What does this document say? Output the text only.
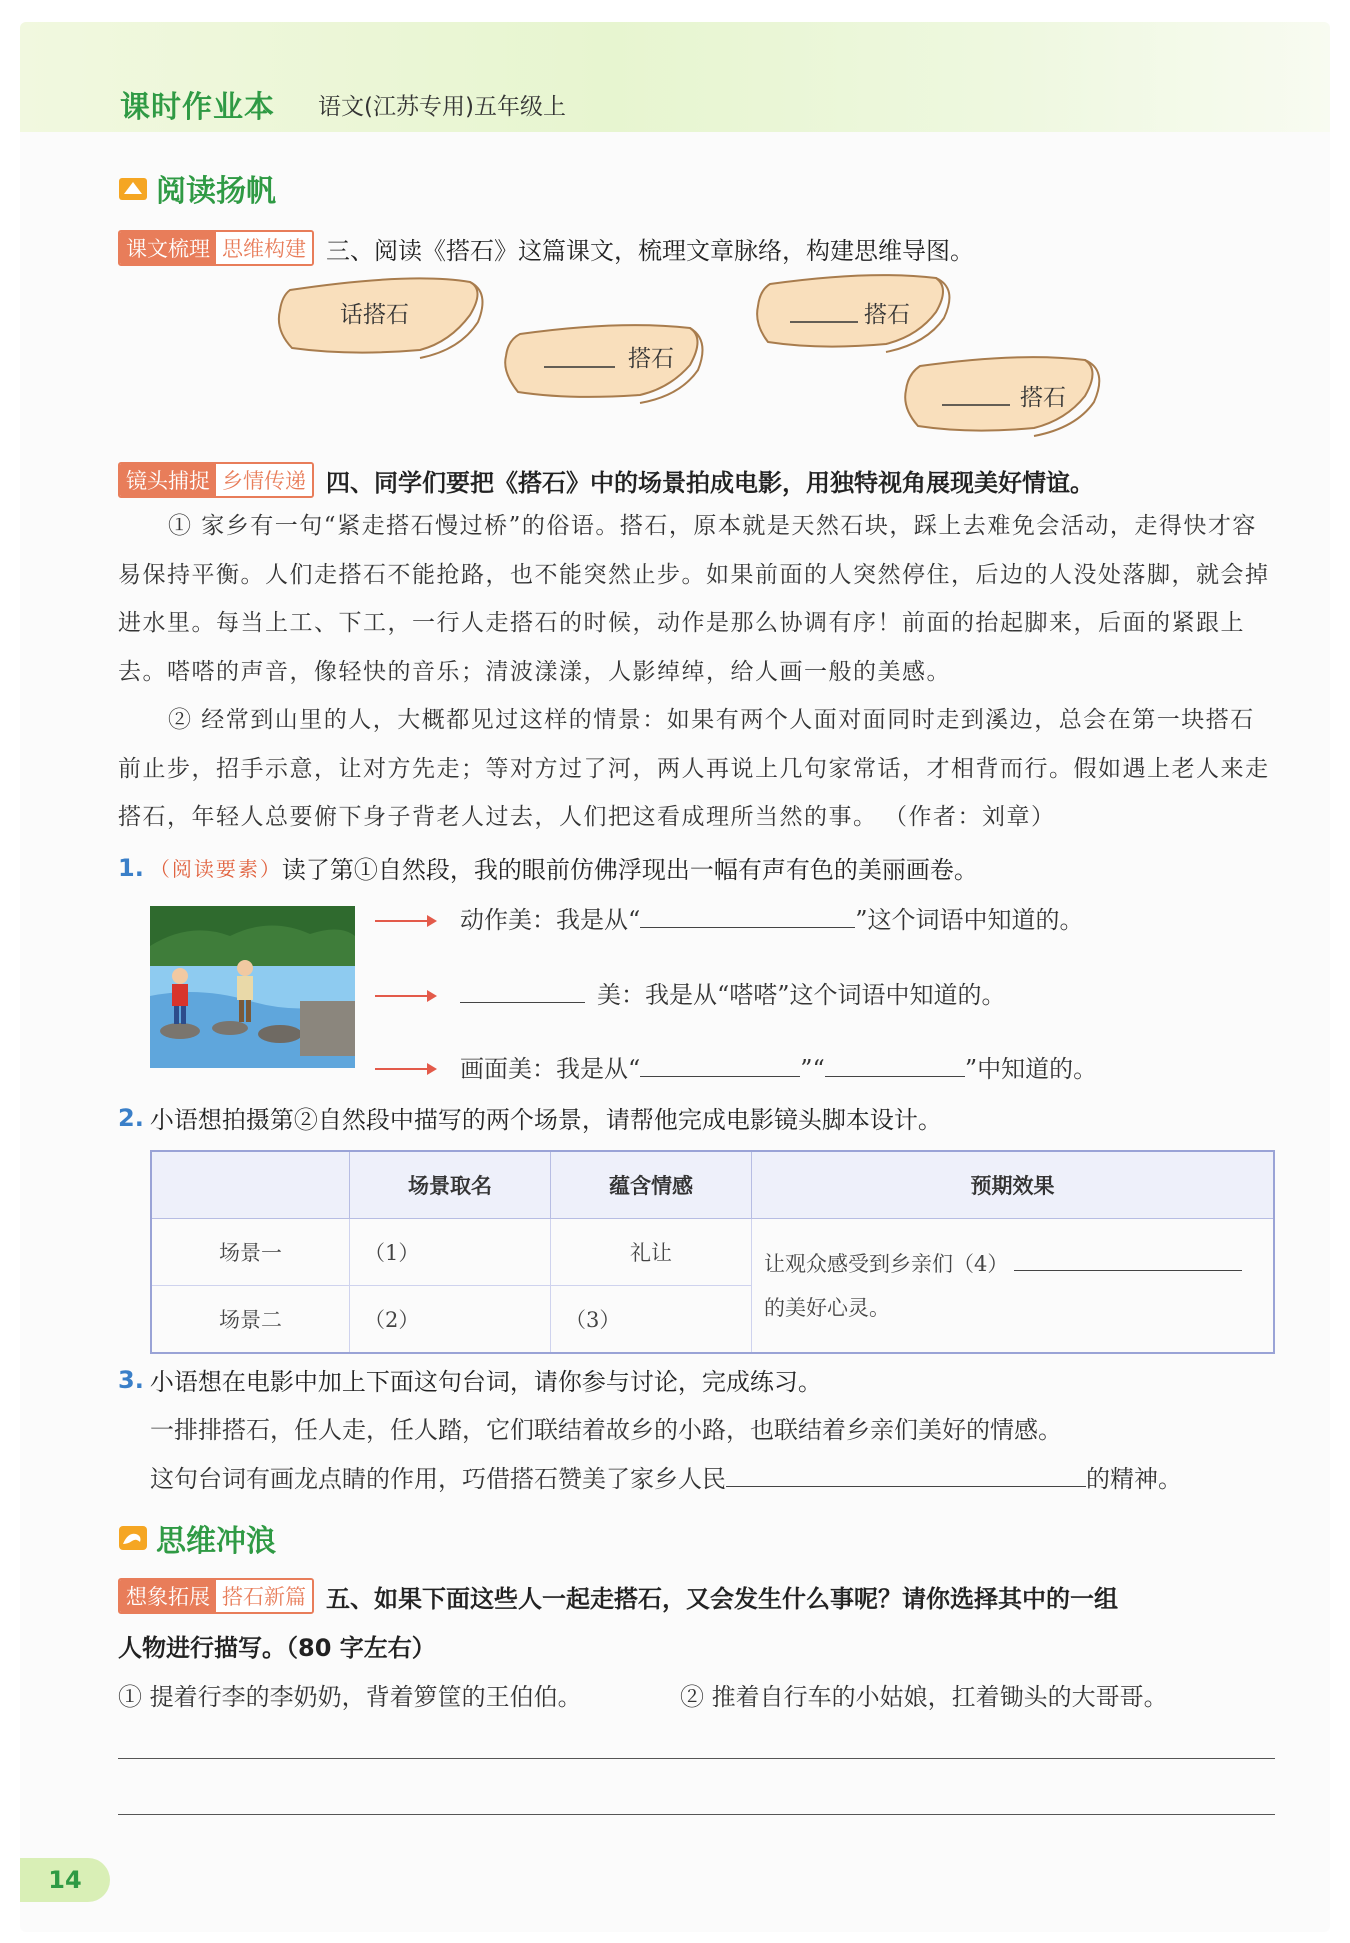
课时作业本 语文(江苏专用)五年级上
阅读扬帆
课文梳理 思维构建 三、阅读《搭石》这篇课文，梳理文章脉络，构建思维导图。
话搭石
搭石
搭石
搭石
镜头捕捉 乡情传递 四、同学们要把《搭石》中的场景拍成电影，用独特视角展现美好情谊。
① 家乡有一句“紧走搭石慢过桥”的俗语。搭石，原本就是天然石块，踩上去难免会活动，走得快才容易保持平衡。人们走搭石不能抢路，也不能突然止步。如果前面的人突然停住，后边的人没处落脚，就会掉进水里。每当上工、下工，一行人走搭石的时候，动作是那么协调有序！前面的抬起脚来，后面的紧跟上去。嗒嗒的声音，像轻快的音乐；清波漾漾，人影绰绰，给人画一般的美感。
② 经常到山里的人，大概都见过这样的情景：如果有两个人面对面同时走到溪边，总会在第一块搭石前止步，招手示意，让对方先走；等对方过了河，两人再说上几句家常话，才相背而行。假如遇上老人来走搭石，年轻人总要俯下身子背老人过去，人们把这看成理所当然的事。 （作者：刘章）
1. （阅读要素） 读了第①自然段，我的眼前仿佛浮现出一幅有声有色的美丽画卷。
动作美：我是从“	”这个词语中知道的。
美：我是从“嗒嗒”这个词语中知道的。
画面美：我是从“	”“	”中知道的。
2. 小语想拍摄第②自然段中描写的两个场景，请帮他完成电影镜头脚本设计。
	场景取名	蕴含情感	预期效果
场景一	（1）	礼让	让观众感受到乡亲们（4）
的美好心灵。
场景二	（2）	（3）	
3. 小语想在电影中加上下面这句台词，请你参与讨论，完成练习。
一排排搭石，任人走，任人踏，它们联结着故乡的小路，也联结着乡亲们美好的情感。
这句台词有画龙点睛的作用，巧借搭石赞美了家乡人民	的精神。
思维冲浪
想象拓展 搭石新篇 五、如果下面这些人一起走搭石，又会发生什么事呢？请你选择其中的一组
人物进行描写。（80 字左右）
① 提着行李的李奶奶，背着箩筐的王伯伯。	② 推着自行车的小姑娘，扛着锄头的大哥哥。
14
